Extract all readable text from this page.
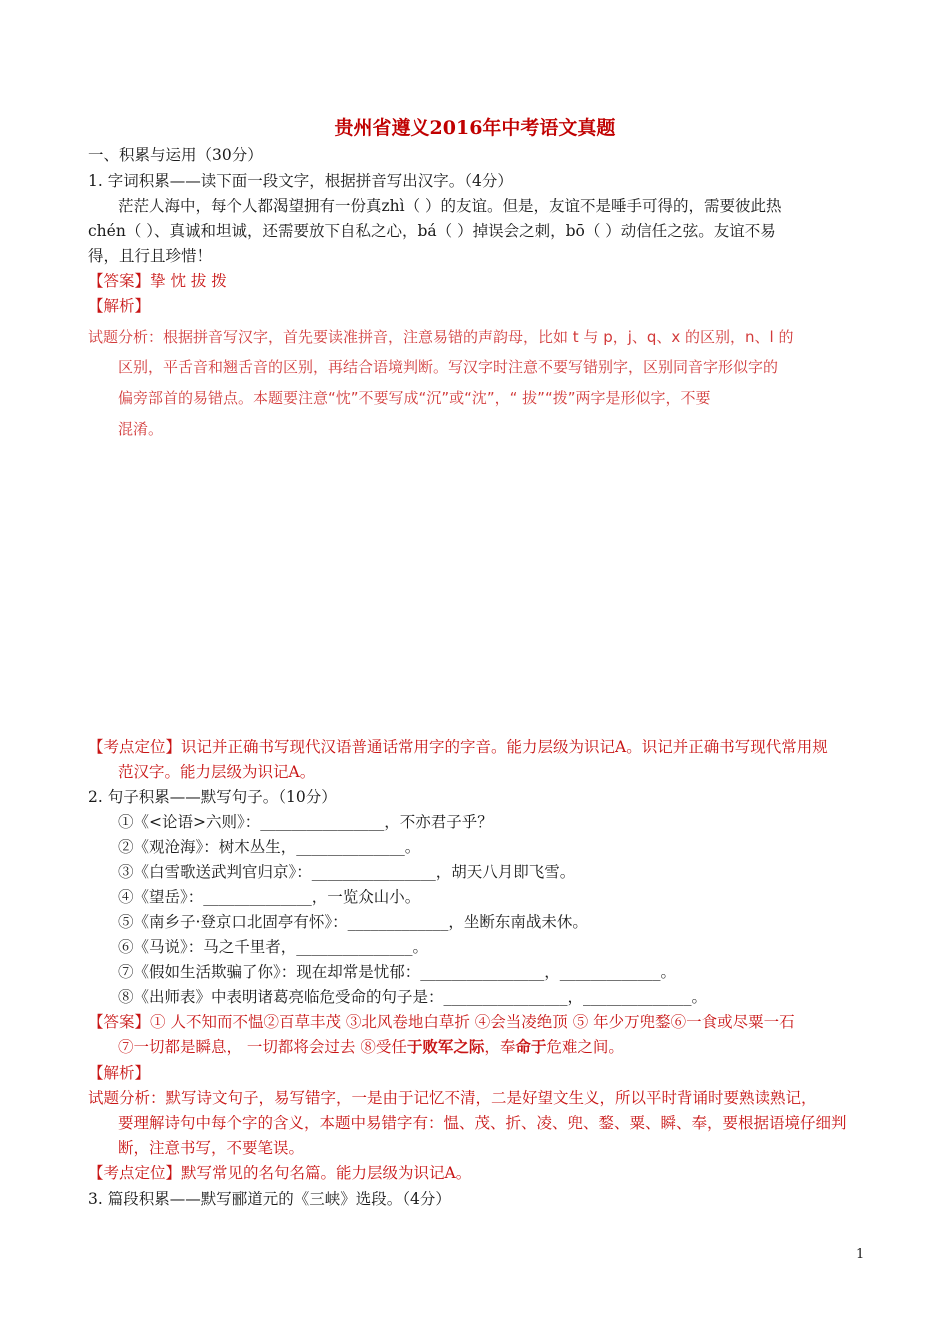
贵州省遵义2016年中考语文真题
一、积累与运用（30分）
1. 字词积累——读下面一段文字，根据拼音写出汉字。（4分）
茫茫人海中，每个人都渴望拥有一份真zhì（ ）的友谊。但是，友谊不是唾手可得的，需要彼此热
chén（ ）、真诚和坦诚，还需要放下自私之心，bá（ ）掉误会之刺，bō（ ）动信任之弦。友谊不易
得，且行且珍惜！
【答案】挚 忱 拔 拨
【解析】
试题分析：根据拼音写汉字，首先要读准拼音，注意易错的声韵母，比如 t 与 p，j、q、x 的区别，n、l 的
区别，平舌音和翘舌音的区别，再结合语境判断。写汉字时注意不要写错别字，区别同音字形似字的
偏旁部首的易错点。本题要注意“忱”不要写成“沉”或“沈”，“ 拔”“拨”两字是形似字，不要
混淆。
【考点定位】识记并正确书写现代汉语普通话常用字的字音。能力层级为识记A。识记并正确书写现代常用规
范汉字。能力层级为识记A。
2. 句子积累——默写句子。（10分）
①《<论语>六则》：________________，不亦君子乎？
②《观沧海》：树木丛生，______________。
③《白雪歌送武判官归京》：________________，胡天八月即飞雪。
④《望岳》：______________，一览众山小。
⑤《南乡子·登京口北固亭有怀》：_____________，坐断东南战未休。
⑥《马说》：马之千里者，_______________。
⑦《假如生活欺骗了你》：现在却常是忧郁：________________，_____________。
⑧《出师表》中表明诸葛亮临危受命的句子是：________________，______________。
【答案】① 人不知而不愠②百草丰茂 ③北风卷地白草折 ④会当凌绝顶 ⑤ 年少万兜鍪⑥一食或尽粟一石
⑦一切都是瞬息， 一切都将会过去 ⑧受任于败军之际，奉命于危难之间。
【解析】
试题分析：默写诗文句子，易写错字，一是由于记忆不清，二是好望文生义，所以平时背诵时要熟读熟记，
要理解诗句中每个字的含义，本题中易错字有：愠、茂、折、凌、兜、鍪、粟、瞬、奉，要根据语境仔细判
断，注意书写，不要笔误。
【考点定位】默写常见的名句名篇。能力层级为识记A。
3. 篇段积累——默写郦道元的《三峡》选段。（4分）
1
